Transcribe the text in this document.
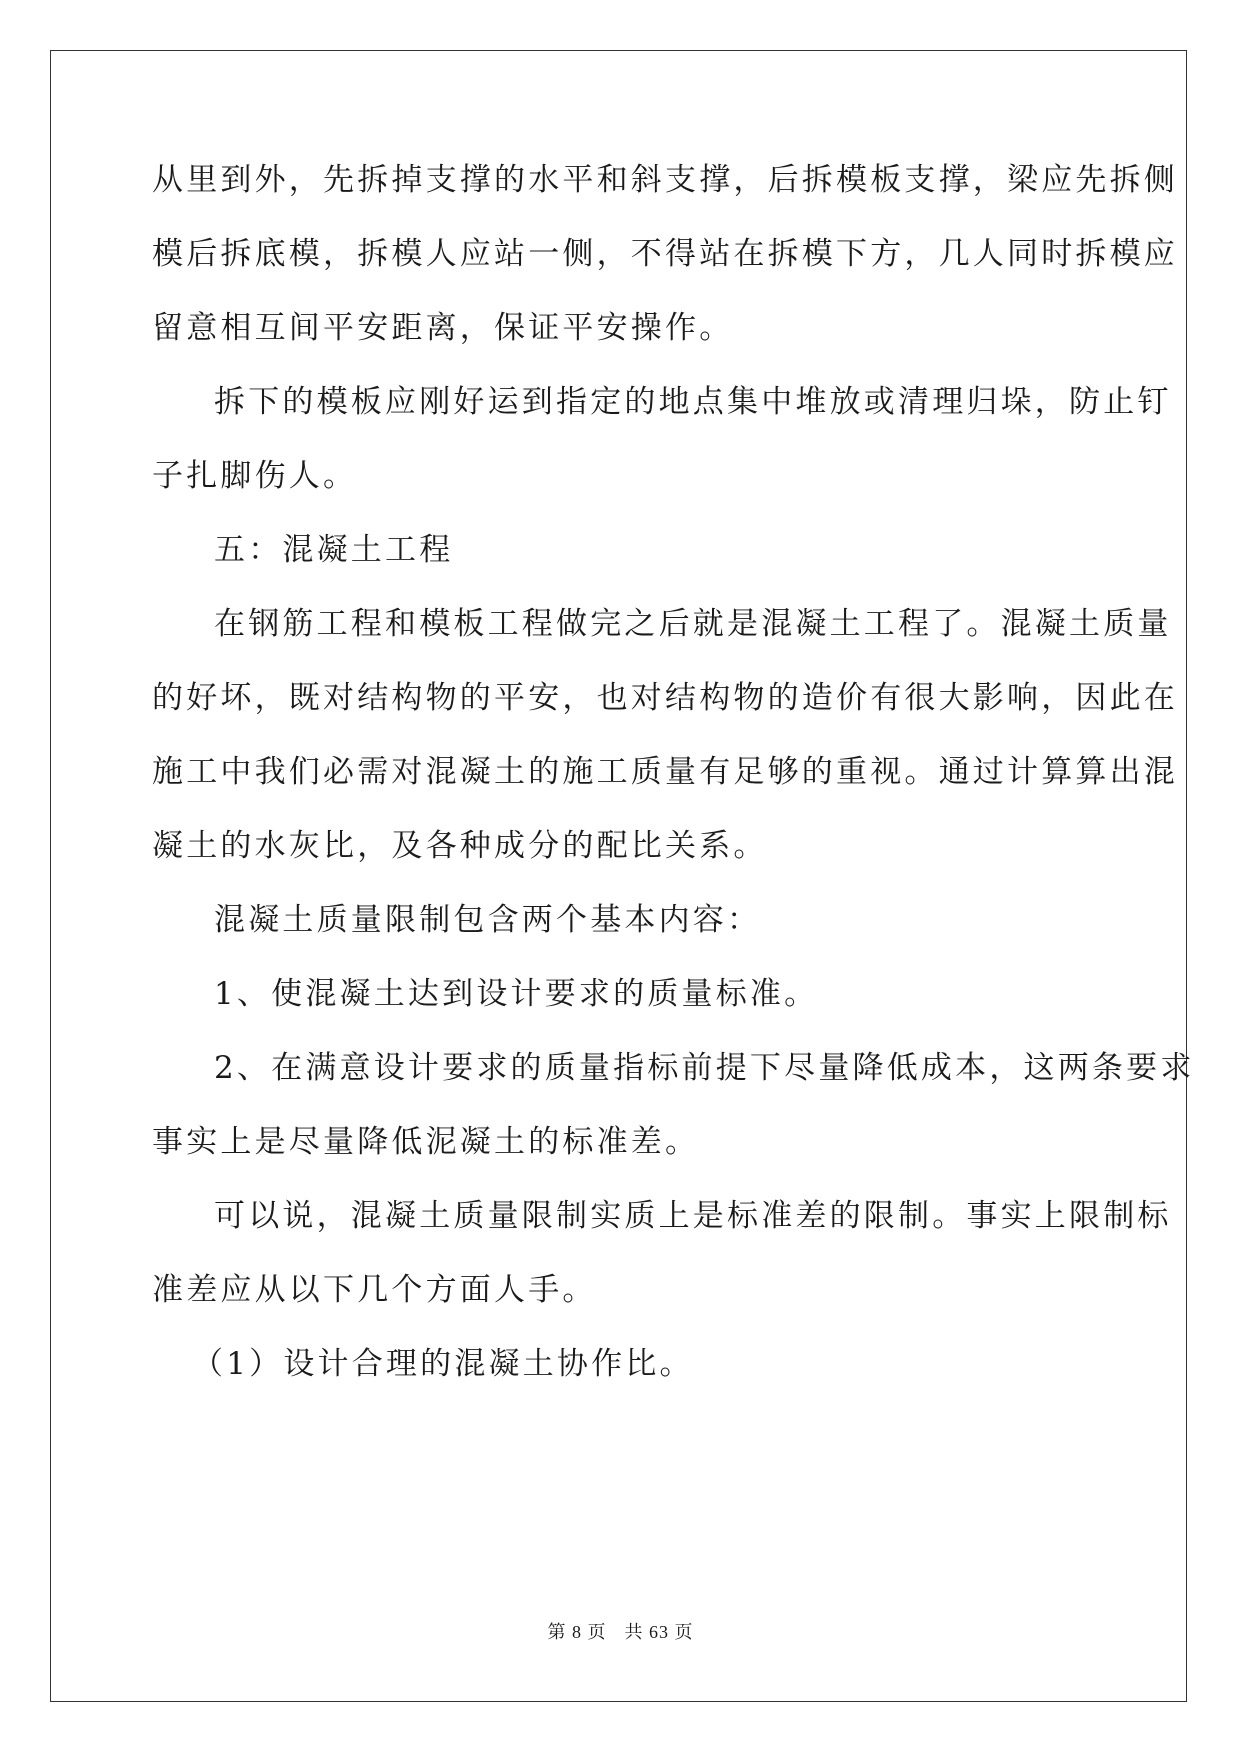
从里到外，先拆掉支撑的水平和斜支撑，后拆模板支撑，梁应先拆侧
模后拆底模，拆模人应站一侧，不得站在拆模下方，几人同时拆模应
留意相互间平安距离，保证平安操作。
拆下的模板应刚好运到指定的地点集中堆放或清理归垛，防止钉
子扎脚伤人。
五：混凝土工程
在钢筋工程和模板工程做完之后就是混凝土工程了。混凝土质量
的好坏，既对结构物的平安，也对结构物的造价有很大影响，因此在
施工中我们必需对混凝土的施工质量有足够的重视。通过计算算出混
凝土的水灰比，及各种成分的配比关系。
混凝土质量限制包含两个基本内容：
1、使混凝土达到设计要求的质量标准。
2、在满意设计要求的质量指标前提下尽量降低成本，这两条要求
事实上是尽量降低泥凝土的标准差。
可以说，混凝土质量限制实质上是标准差的限制。事实上限制标
准差应从以下几个方面人手。
（1）设计合理的混凝土协作比。
第 8 页 共 63 页
